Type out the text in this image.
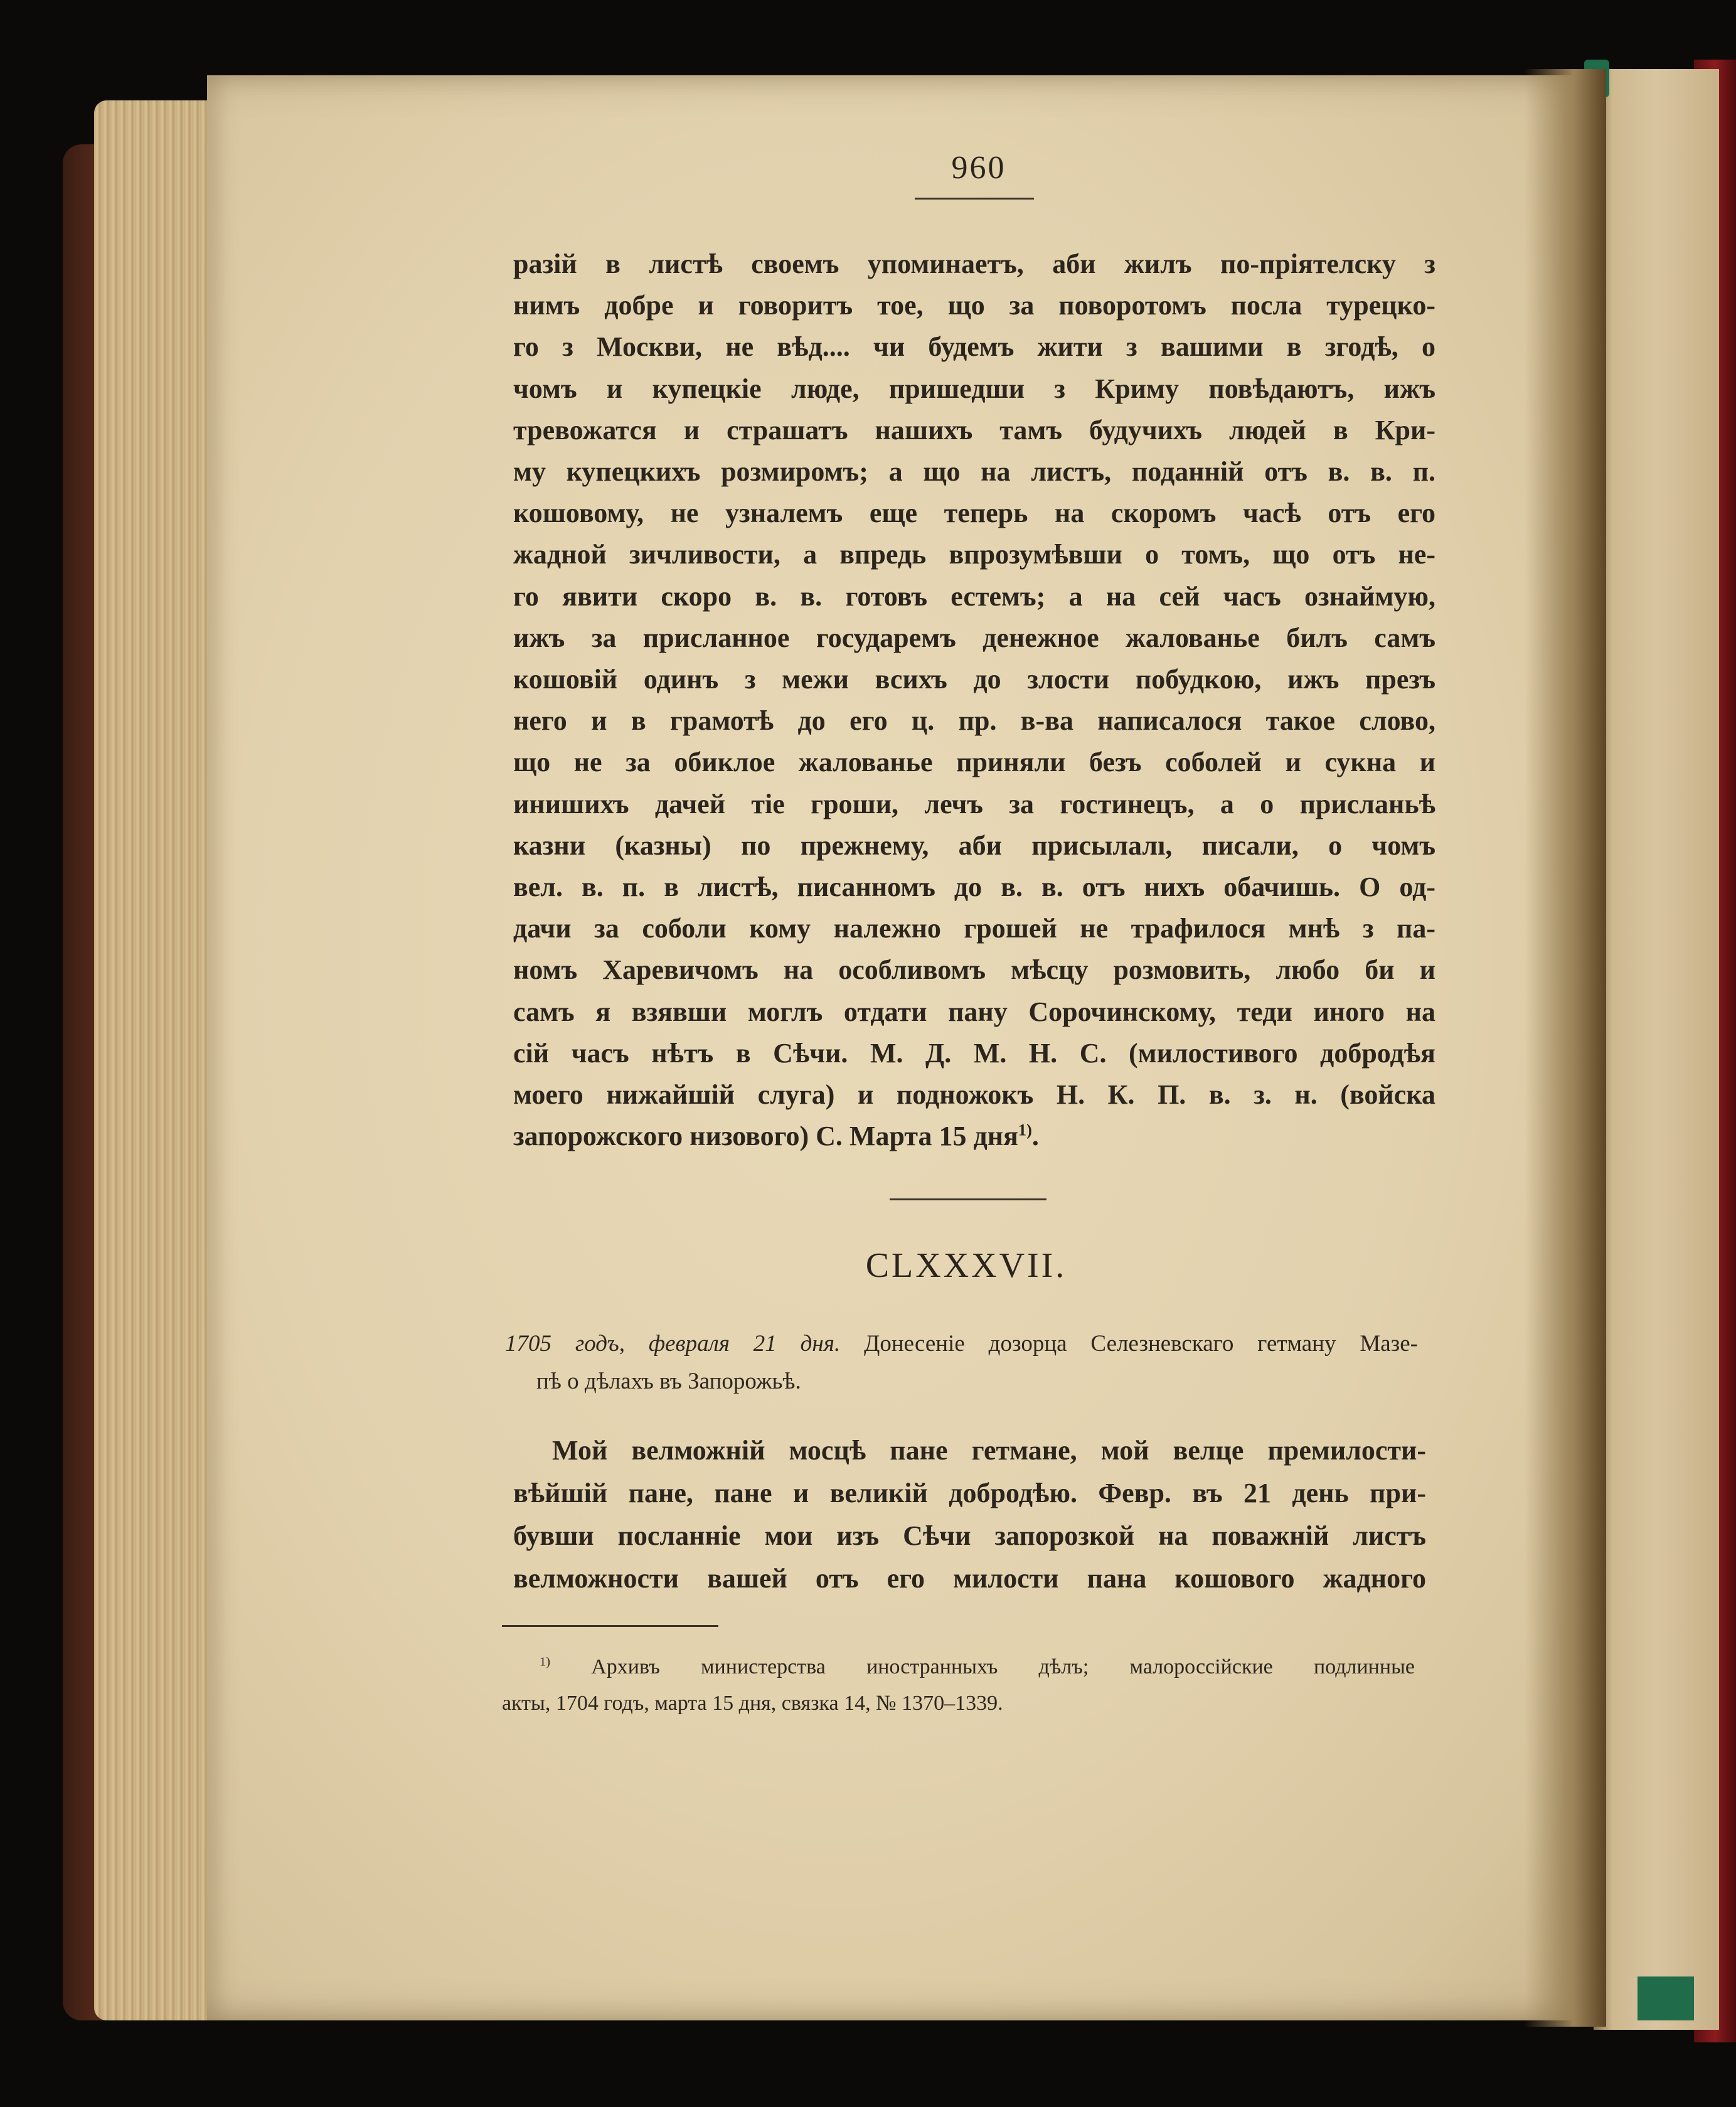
960
разій в листѣ своемъ упоминаетъ, аби жилъ по-пріятелску з
нимъ добре и говоритъ тое, що за поворотомъ посла турецко-
го з Москви, не вѣд.... чи будемъ жити з вашими в згодѣ, о
чомъ и купецкіе люде, пришедши з Криму повѣдаютъ, ижъ
тревожатся и страшатъ нашихъ тамъ будучихъ людей в Кри-
му купецкихъ розмиромъ; а що на листъ, поданній отъ в. в. п.
кошовому, не узналемъ еще теперь на скоромъ часѣ отъ его
жадной зичливости, а впредь впрозумѣвши о томъ, що отъ не-
го явити скоро в. в. готовъ естемъ; а на сей часъ ознаймую,
ижъ за присланное государемъ денежное жалованье билъ самъ
кошовій одинъ з межи всихъ до злости побудкою, ижъ презъ
него и в грамотѣ до его ц. пр. в-ва написалося такое слово,
що не за обиклое жалованье приняли безъ соболей и сукна и
инишихъ дачей тіе гроши, лечъ за гостинецъ, а о присланьѣ
казни (казны) по прежнему, аби присылалı, писали, о чомъ
вел. в. п. в листѣ, писанномъ до в. в. отъ нихъ обачишь. О од-
дачи за соболи кому належно грошей не трафилося мнѣ з па-
номъ Харевичомъ на особливомъ мѣсцу розмовить, любо би и
самъ я взявши моглъ отдати пану Сорочинскому, теди иного на
сій часъ нѣтъ в Сѣчи. М. Д. М. Н. С. (милостивого добродѣя
моего нижайшій слуга) и подножокъ Н. К. П. в. з. н. (войска
запорожского низового) С. Марта 15 дня$^{1)}$.
CLXXXVII.
1705 годъ, февраля 21 дня. Донесеніе дозорца Селезневскаго гетману Мазе-
пѣ о дѣлахъ въ Запорожьѣ.
Мой велможній мосцѣ пане гетмане, мой велце премилости-
вѣйшій пане, пане и великій добродѣю. Февр. въ 21 день при-
бувши посланніе мои изъ Сѣчи запорозкой на поважній листъ
велможности вашей отъ его милости пана кошового жадного
$^{1)}$ Архивъ министерства иностранныхъ дѣлъ; малороссійские подлинные
акты, 1704 годъ, марта 15 дня, связка 14, № 1370–1339.
